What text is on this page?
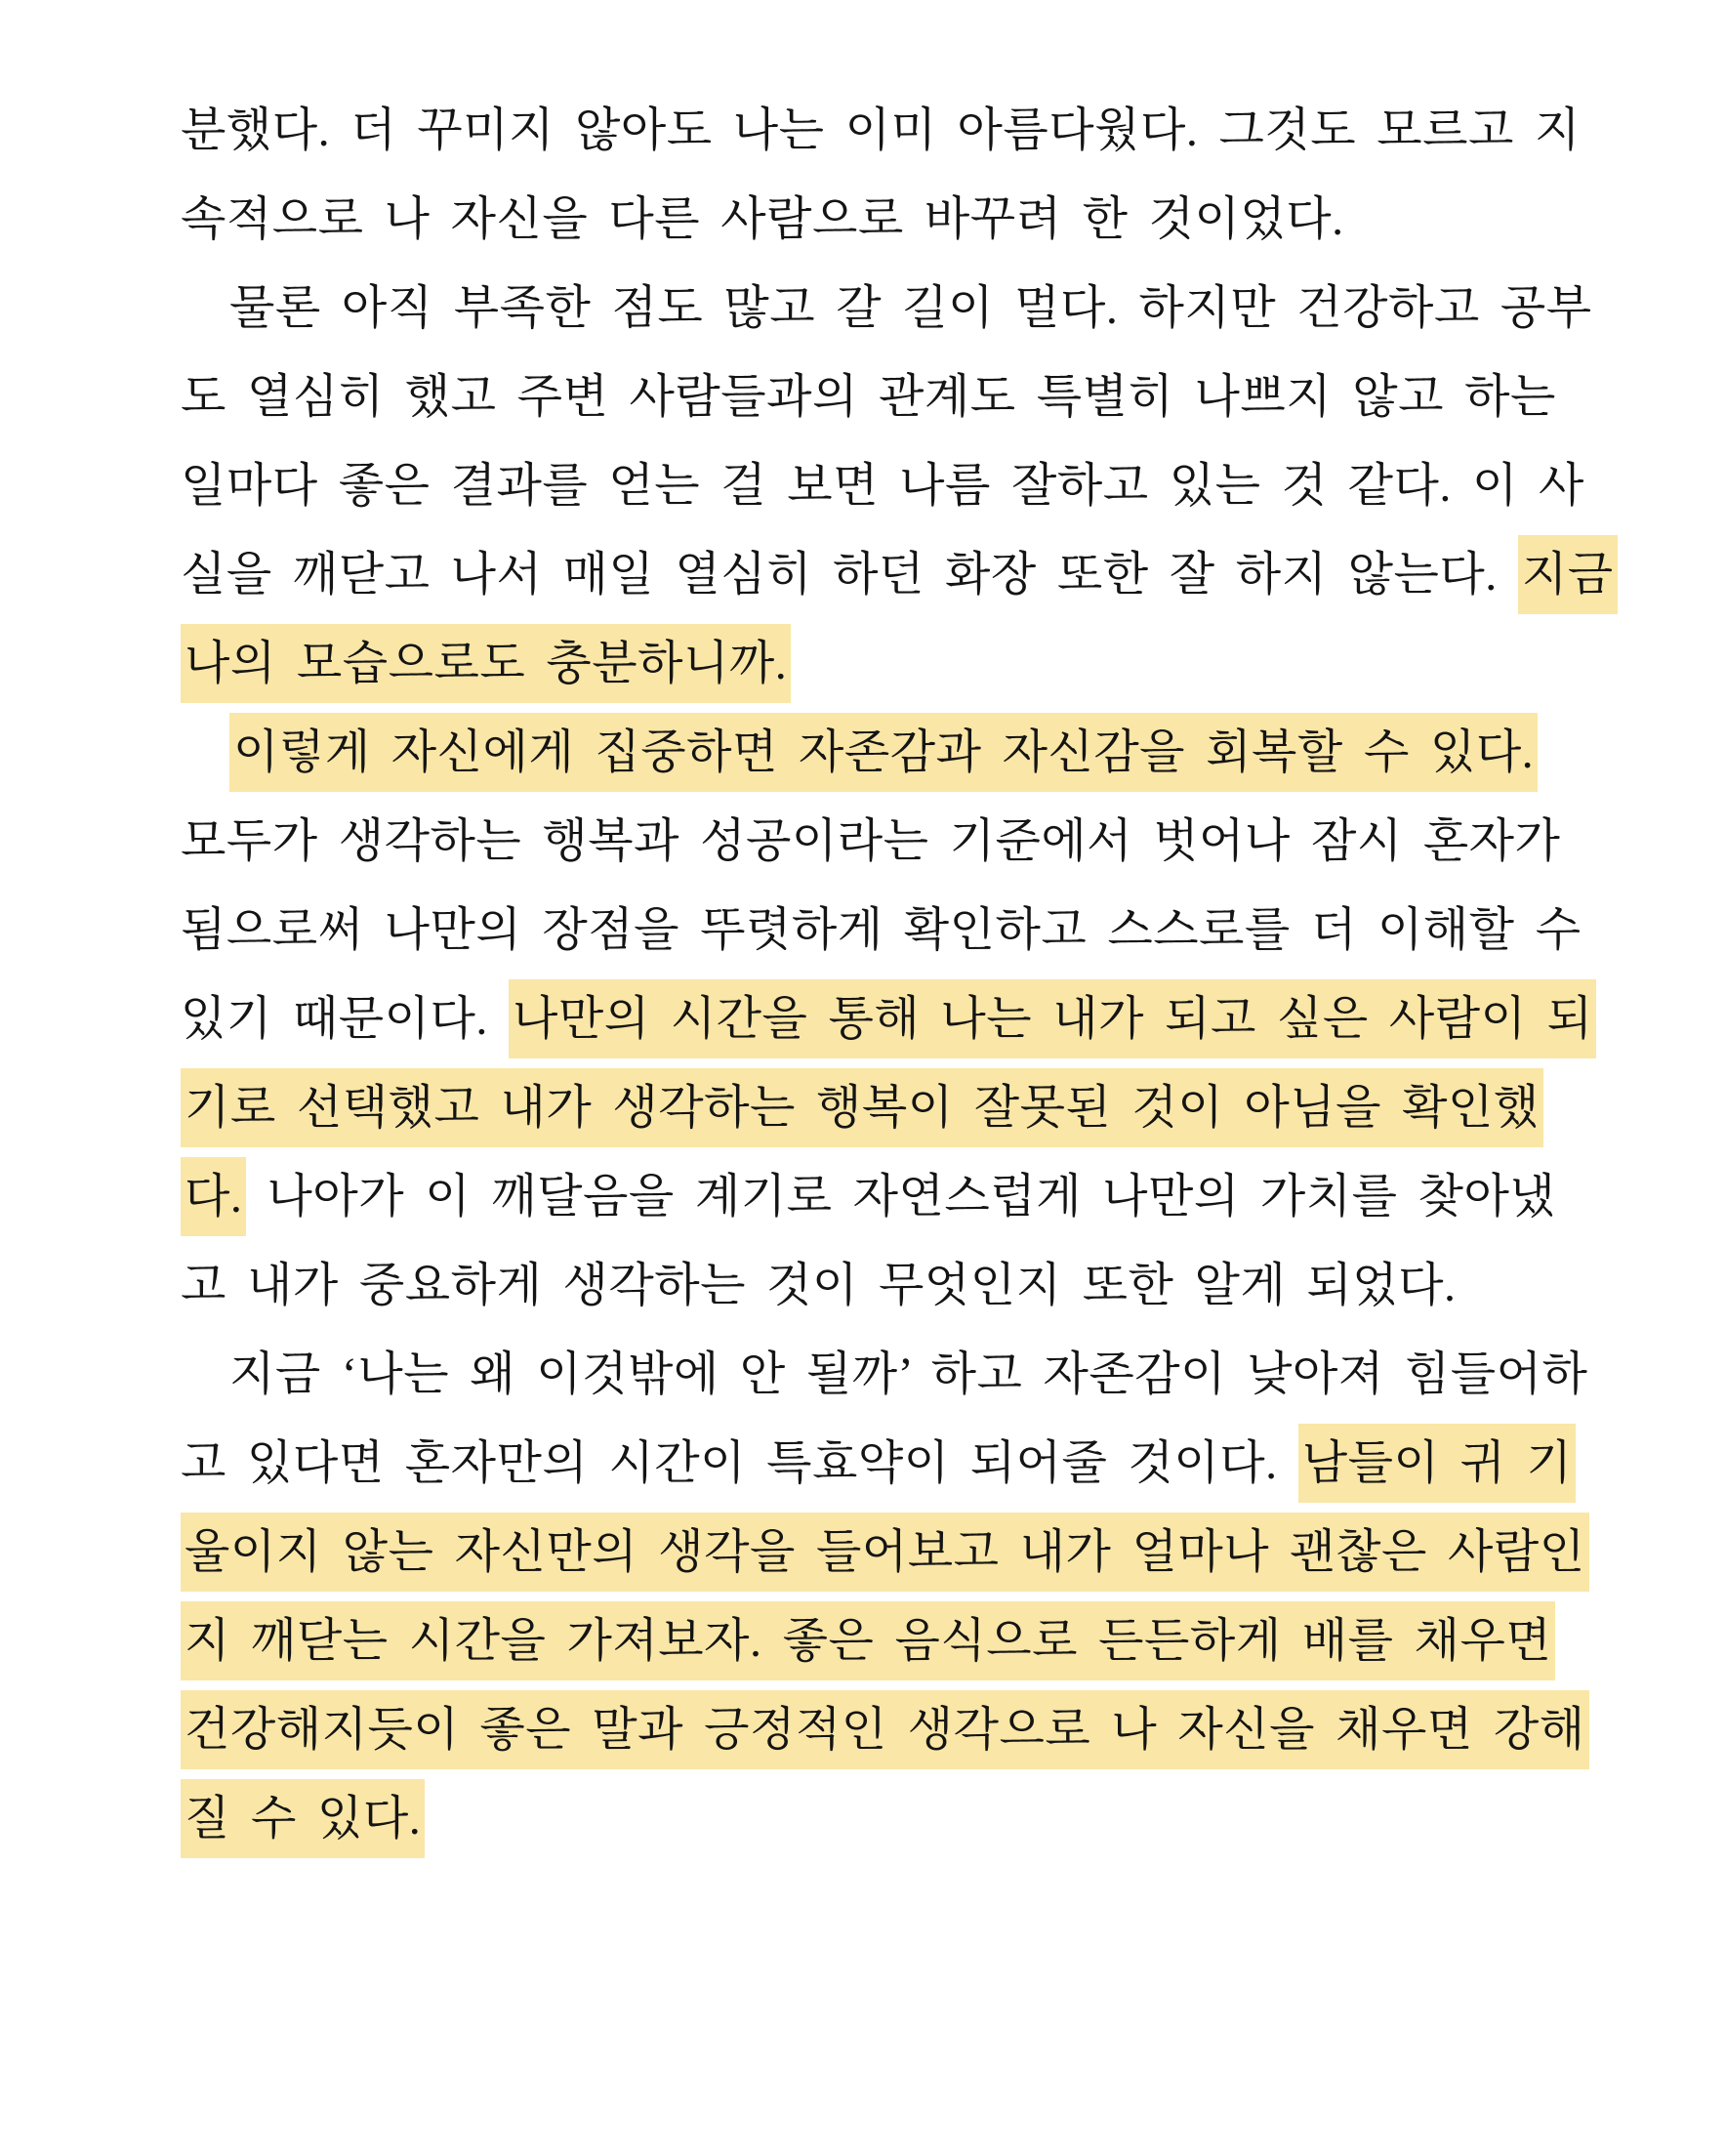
분했다. 더 꾸미지 않아도 나는 이미 아름다웠다. 그것도 모르고 지
속적으로 나 자신을 다른 사람으로 바꾸려 한 것이었다.
물론 아직 부족한 점도 많고 갈 길이 멀다. 하지만 건강하고 공부
도 열심히 했고 주변 사람들과의 관계도 특별히 나쁘지 않고 하는
일마다 좋은 결과를 얻는 걸 보면 나름 잘하고 있는 것 같다. 이 사
실을 깨닫고 나서 매일 열심히 하던 화장 또한 잘 하지 않는다. 지금
나의 모습으로도 충분하니까.
이렇게 자신에게 집중하면 자존감과 자신감을 회복할 수 있다.
모두가 생각하는 행복과 성공이라는 기준에서 벗어나 잠시 혼자가
됨으로써 나만의 장점을 뚜렷하게 확인하고 스스로를 더 이해할 수
있기 때문이다. 나만의 시간을 통해 나는 내가 되고 싶은 사람이 되
기로 선택했고 내가 생각하는 행복이 잘못된 것이 아님을 확인했
다. 나아가 이 깨달음을 계기로 자연스럽게 나만의 가치를 찾아냈
고 내가 중요하게 생각하는 것이 무엇인지 또한 알게 되었다.
지금 ‘나는 왜 이것밖에 안 될까’ 하고 자존감이 낮아져 힘들어하
고 있다면 혼자만의 시간이 특효약이 되어줄 것이다. 남들이 귀 기
울이지 않는 자신만의 생각을 들어보고 내가 얼마나 괜찮은 사람인
지 깨닫는 시간을 가져보자. 좋은 음식으로 든든하게 배를 채우면
건강해지듯이 좋은 말과 긍정적인 생각으로 나 자신을 채우면 강해
질 수 있다.
